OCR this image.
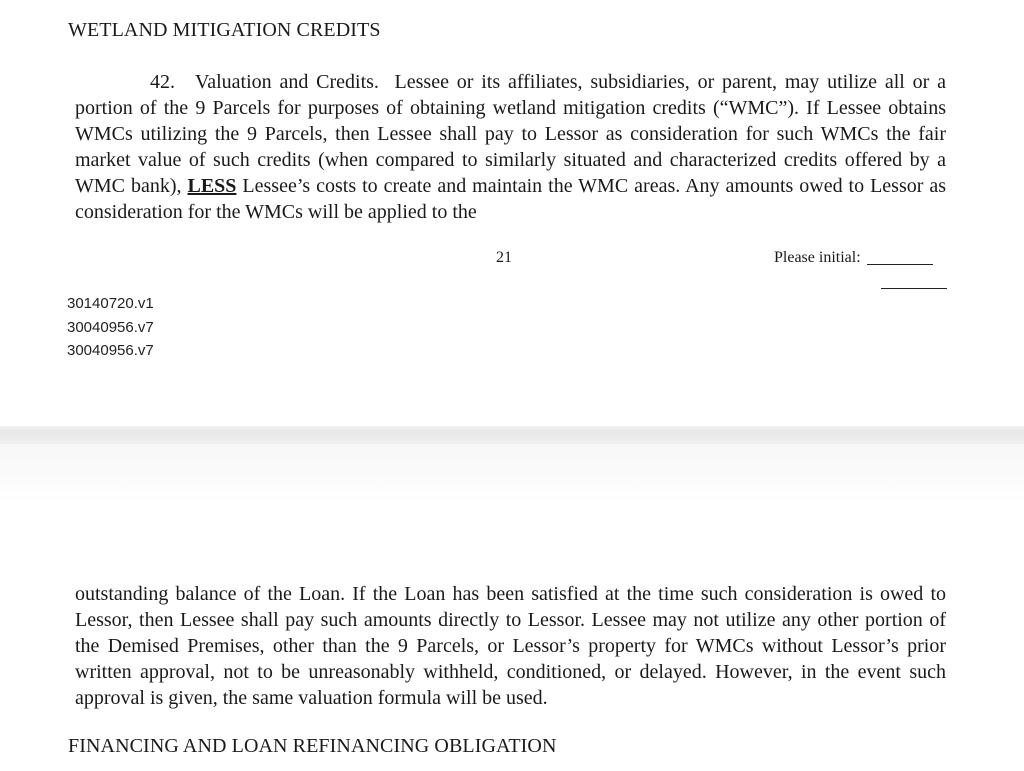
WETLAND MITIGATION CREDITS
42. Valuation and Credits. Lessee or its affiliates, subsidiaries, or parent, may utilize all or a portion of the 9 Parcels for purposes of obtaining wetland mitigation credits (“WMC”). If Lessee obtains WMCs utilizing the 9 Parcels, then Lessee shall pay to Lessor as consideration for such WMCs the fair market value of such credits (when compared to similarly situated and characterized credits offered by a WMC bank), LESS Lessee’s costs to create and maintain the WMC areas. Any amounts owed to Lessor as consideration for the WMCs will be applied to the
21	Please initial:
30140720.v1
30040956.v7
30040956.v7
outstanding balance of the Loan. If the Loan has been satisfied at the time such consideration is owed to Lessor, then Lessee shall pay such amounts directly to Lessor. Lessee may not utilize any other portion of the Demised Premises, other than the 9 Parcels, or Lessor’s property for WMCs without Lessor’s prior written approval, not to be unreasonably withheld, conditioned, or delayed. However, in the event such approval is given, the same valuation formula will be used.
FINANCING AND LOAN REFINANCING OBLIGATION
